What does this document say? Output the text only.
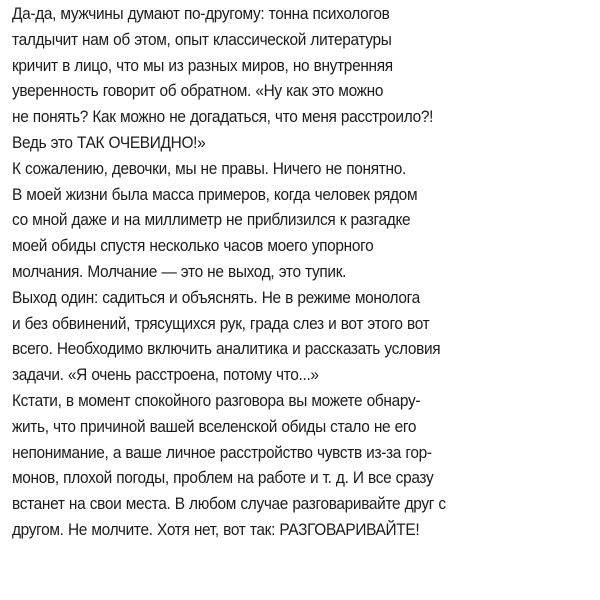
Да-да, мужчины думают по-другому: тонна психологов
талдычит нам об этом, опыт классической литературы
кричит в лицо, что мы из разных миров, но внутренняя
уверенность говорит об обратном. «Ну как это можно
не понять? Как можно не догадаться, что меня расстроило?!
Ведь это ТАК ОЧЕВИДНО!»
К сожалению, девочки, мы не правы. Ничего не понятно.
В моей жизни была масса примеров, когда человек рядом
со мной даже и на миллиметр не приблизился к разгадке
моей обиды спустя несколько часов моего упорного
молчания. Молчание — это не выход, это тупик.
Выход один: садиться и объяснять. Не в режиме монолога
и без обвинений, трясущихся рук, града слез и вот этого вот
всего. Необходимо включить аналитика и рассказать условия
задачи. «Я очень расстроена, потому что...»
Кстати, в момент спокойного разговора вы можете обнару-
жить, что причиной вашей вселенской обиды стало не его
непонимание, а ваше личное расстройство чувств из-за гор-
монов, плохой погоды, проблем на работе и т. д. И все сразу
встанет на свои места. В любом случае разговаривайте друг с
другом. Не молчите. Хотя нет, вот так: РАЗГОВАРИВАЙТЕ!
